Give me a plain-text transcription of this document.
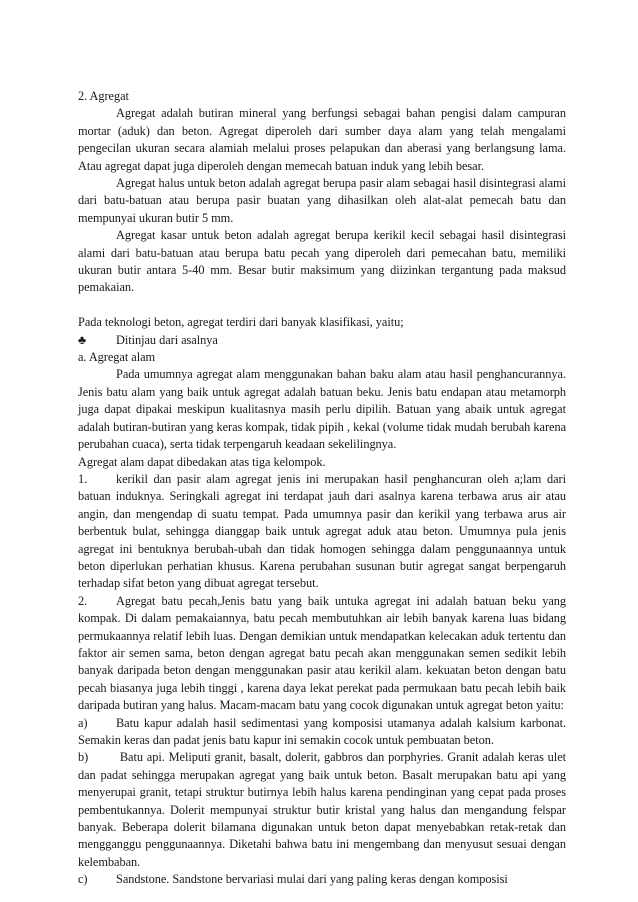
2. Agregat

Agregat adalah butiran mineral yang berfungsi sebagai bahan pengisi dalam campuran mortar (aduk) dan beton. Agregat diperoleh dari sumber daya alam yang telah mengalami pengecilan ukuran secara alamiah melalui proses pelapukan dan aberasi yang berlangsung lama. Atau agregat dapat juga diperoleh dengan memecah batuan induk yang lebih besar.

Agregat halus untuk beton adalah agregat berupa pasir alam sebagai hasil disintegrasi alami dari batu-batuan atau berupa pasir buatan yang dihasilkan oleh alat-alat pemecah batu dan mempunyai ukuran butir 5 mm.

Agregat kasar untuk beton adalah agregat berupa kerikil kecil sebagai hasil disintegrasi alami dari batu-batuan atau berupa batu pecah yang diperoleh dari pemecahan batu, memiliki ukuran butir antara 5-40 mm. Besar butir maksimum yang diizinkan tergantung pada maksud pemakaian.

Pada teknologi beton, agregat terdiri dari banyak klasifikasi, yaitu;

♣ Ditinjau dari asalnya

a. Agregat alam

Pada umumnya agregat alam menggunakan bahan baku alam atau hasil penghancurannya. Jenis batu alam yang baik untuk agregat adalah batuan beku. Jenis batu endapan atau metamorph juga dapat dipakai meskipun kualitasnya masih perlu dipilih. Batuan yang abaik untuk agregat adalah butiran-butiran yang keras kompak, tidak pipih , kekal (volume tidak mudah berubah karena perubahan cuaca), serta tidak terpengaruh keadaan sekelilingnya.

Agregat alam dapat dibedakan atas tiga kelompok.

1. kerikil dan pasir alam agregat jenis ini merupakan hasil penghancuran oleh a;lam dari batuan induknya. Seringkali agregat ini terdapat jauh dari asalnya karena terbawa arus air atau angin, dan mengendap di suatu tempat. Pada umumnya pasir dan kerikil yang terbawa arus air berbentuk bulat, sehingga dianggap baik untuk agregat aduk atau beton. Umumnya pula jenis agregat ini bentuknya berubah-ubah dan tidak homogen sehingga dalam penggunaannya untuk beton diperlukan perhatian khusus. Karena perubahan susunan butir agregat sangat berpengaruh terhadap sifat beton yang dibuat agregat tersebut.
2. Agregat batu pecah,Jenis batu yang baik untuka agregat ini adalah batuan beku yang kompak. Di dalam pemakaiannya, batu pecah membutuhkan air lebih banyak karena luas bidang permukaannya relatif lebih luas. Dengan demikian untuk mendapatkan kelecakan aduk tertentu dan faktor air semen sama, beton dengan agregat batu pecah akan menggunakan semen sedikit lebih banyak daripada beton dengan menggunakan pasir atau kerikil alam. kekuatan beton dengan batu pecah biasanya juga lebih tinggi , karena daya lekat perekat pada permukaan batu pecah lebih baik daripada butiran yang halus. Macam-macam batu yang cocok digunakan untuk agregat beton yaitu:
a) Batu kapur adalah hasil sedimentasi yang komposisi utamanya adalah kalsium karbonat. Semakin keras dan padat jenis batu kapur ini semakin cocok untuk pembuatan beton.
b) Batu api. Meliputi granit, basalt, dolerit, gabbros dan porphyries. Granit adalah keras ulet dan padat sehingga merupakan agregat yang baik untuk beton. Basalt merupakan batu api yang menyerupai granit, tetapi struktur butirnya lebih halus karena pendinginan yang cepat pada proses pembentukannya. Dolerit mempunyai struktur butir kristal yang halus dan mengandung felspar banyak. Beberapa dolerit bilamana digunakan untuk beton dapat menyebabkan retak-retak dan mengganggu penggunaannya. Diketahi bahwa batu ini mengembang dan menyusut sesuai dengan kelembaban.
c) Sandstone. Sandstone bervariasi mulai dari yang paling keras dengan komposisi
